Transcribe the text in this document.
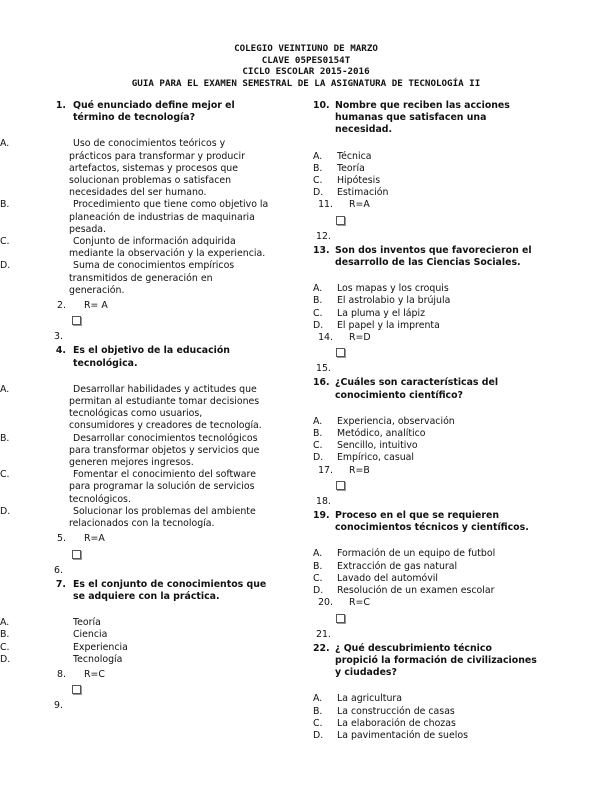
COLEGIO VEINTIUNO DE MARZO
CLAVE 05PES0154T
CICLO ESCOLAR 2015-2016
GUIA PARA EL EXAMEN SEMESTRAL DE LA ASIGNATURA DE TECNOLOGÍA II
1. Qué enunciado define mejor el término de tecnología?
A.	Uso de conocimientos teóricos y prácticos para transformar y producir artefactos, sistemas y procesos que solucionan problemas o satisfacen necesidades del ser humano.
B.	Procedimiento que tiene como objetivo la planeación de industrias de maquinaria pesada.
C.	Conjunto de información adquirida mediante la observación y la experiencia.
D.	Suma de conocimientos empíricos transmitidos de generación en generación.
2.	R= A
3.
4. Es el objetivo de la educación tecnológica.
A.	Desarrollar habilidades y actitudes que permitan al estudiante tomar decisiones tecnológicas como usuarios, consumidores y creadores de tecnología.
B.	Desarrollar conocimientos tecnológicos para transformar objetos y servicios que generen mejores ingresos.
C.	Fomentar el conocimiento del software para programar la solución de servicios tecnológicos.
D.	Solucionar los problemas del ambiente relacionados con la tecnología.
5.	R=A
6.
7. Es el conjunto de conocimientos que se adquiere con la práctica.
A.	Teoría
B.	Ciencia
C.	Experiencia
D.	Tecnología
8.	R=C
9.
10. Nombre que reciben las acciones humanas que satisfacen una necesidad.
A.	Técnica
B.	Teoría
C.	Hipótesis
D.	Estimación
11.	R=A
12.
13. Son dos inventos que favorecieron el desarrollo de las Ciencias Sociales.
A.	Los mapas y los croquis
B.	El astrolabio y la brújula
C.	La pluma y el lápiz
D.	El papel y la imprenta
14.	R=D
15.
16. ¿Cuáles son características del conocimiento científico?
A.	Experiencia, observación
B.	Metódico, analítico
C.	Sencillo, intuitivo
D.	Empírico, casual
17.	R=B
18.
19. Proceso en el que se requieren conocimientos técnicos y científicos.
A.	Formación de un equipo de futbol
B.	Extracción de gas natural
C.	Lavado del automóvil
D.	Resolución de un examen escolar
20.	R=C
21.
22. ¿ Qué descubrimiento técnico propició la formación de civilizaciones y ciudades?
A.	La agricultura
B.	La construcción de casas
C.	La elaboración de chozas
D.	La pavimentación de suelos
